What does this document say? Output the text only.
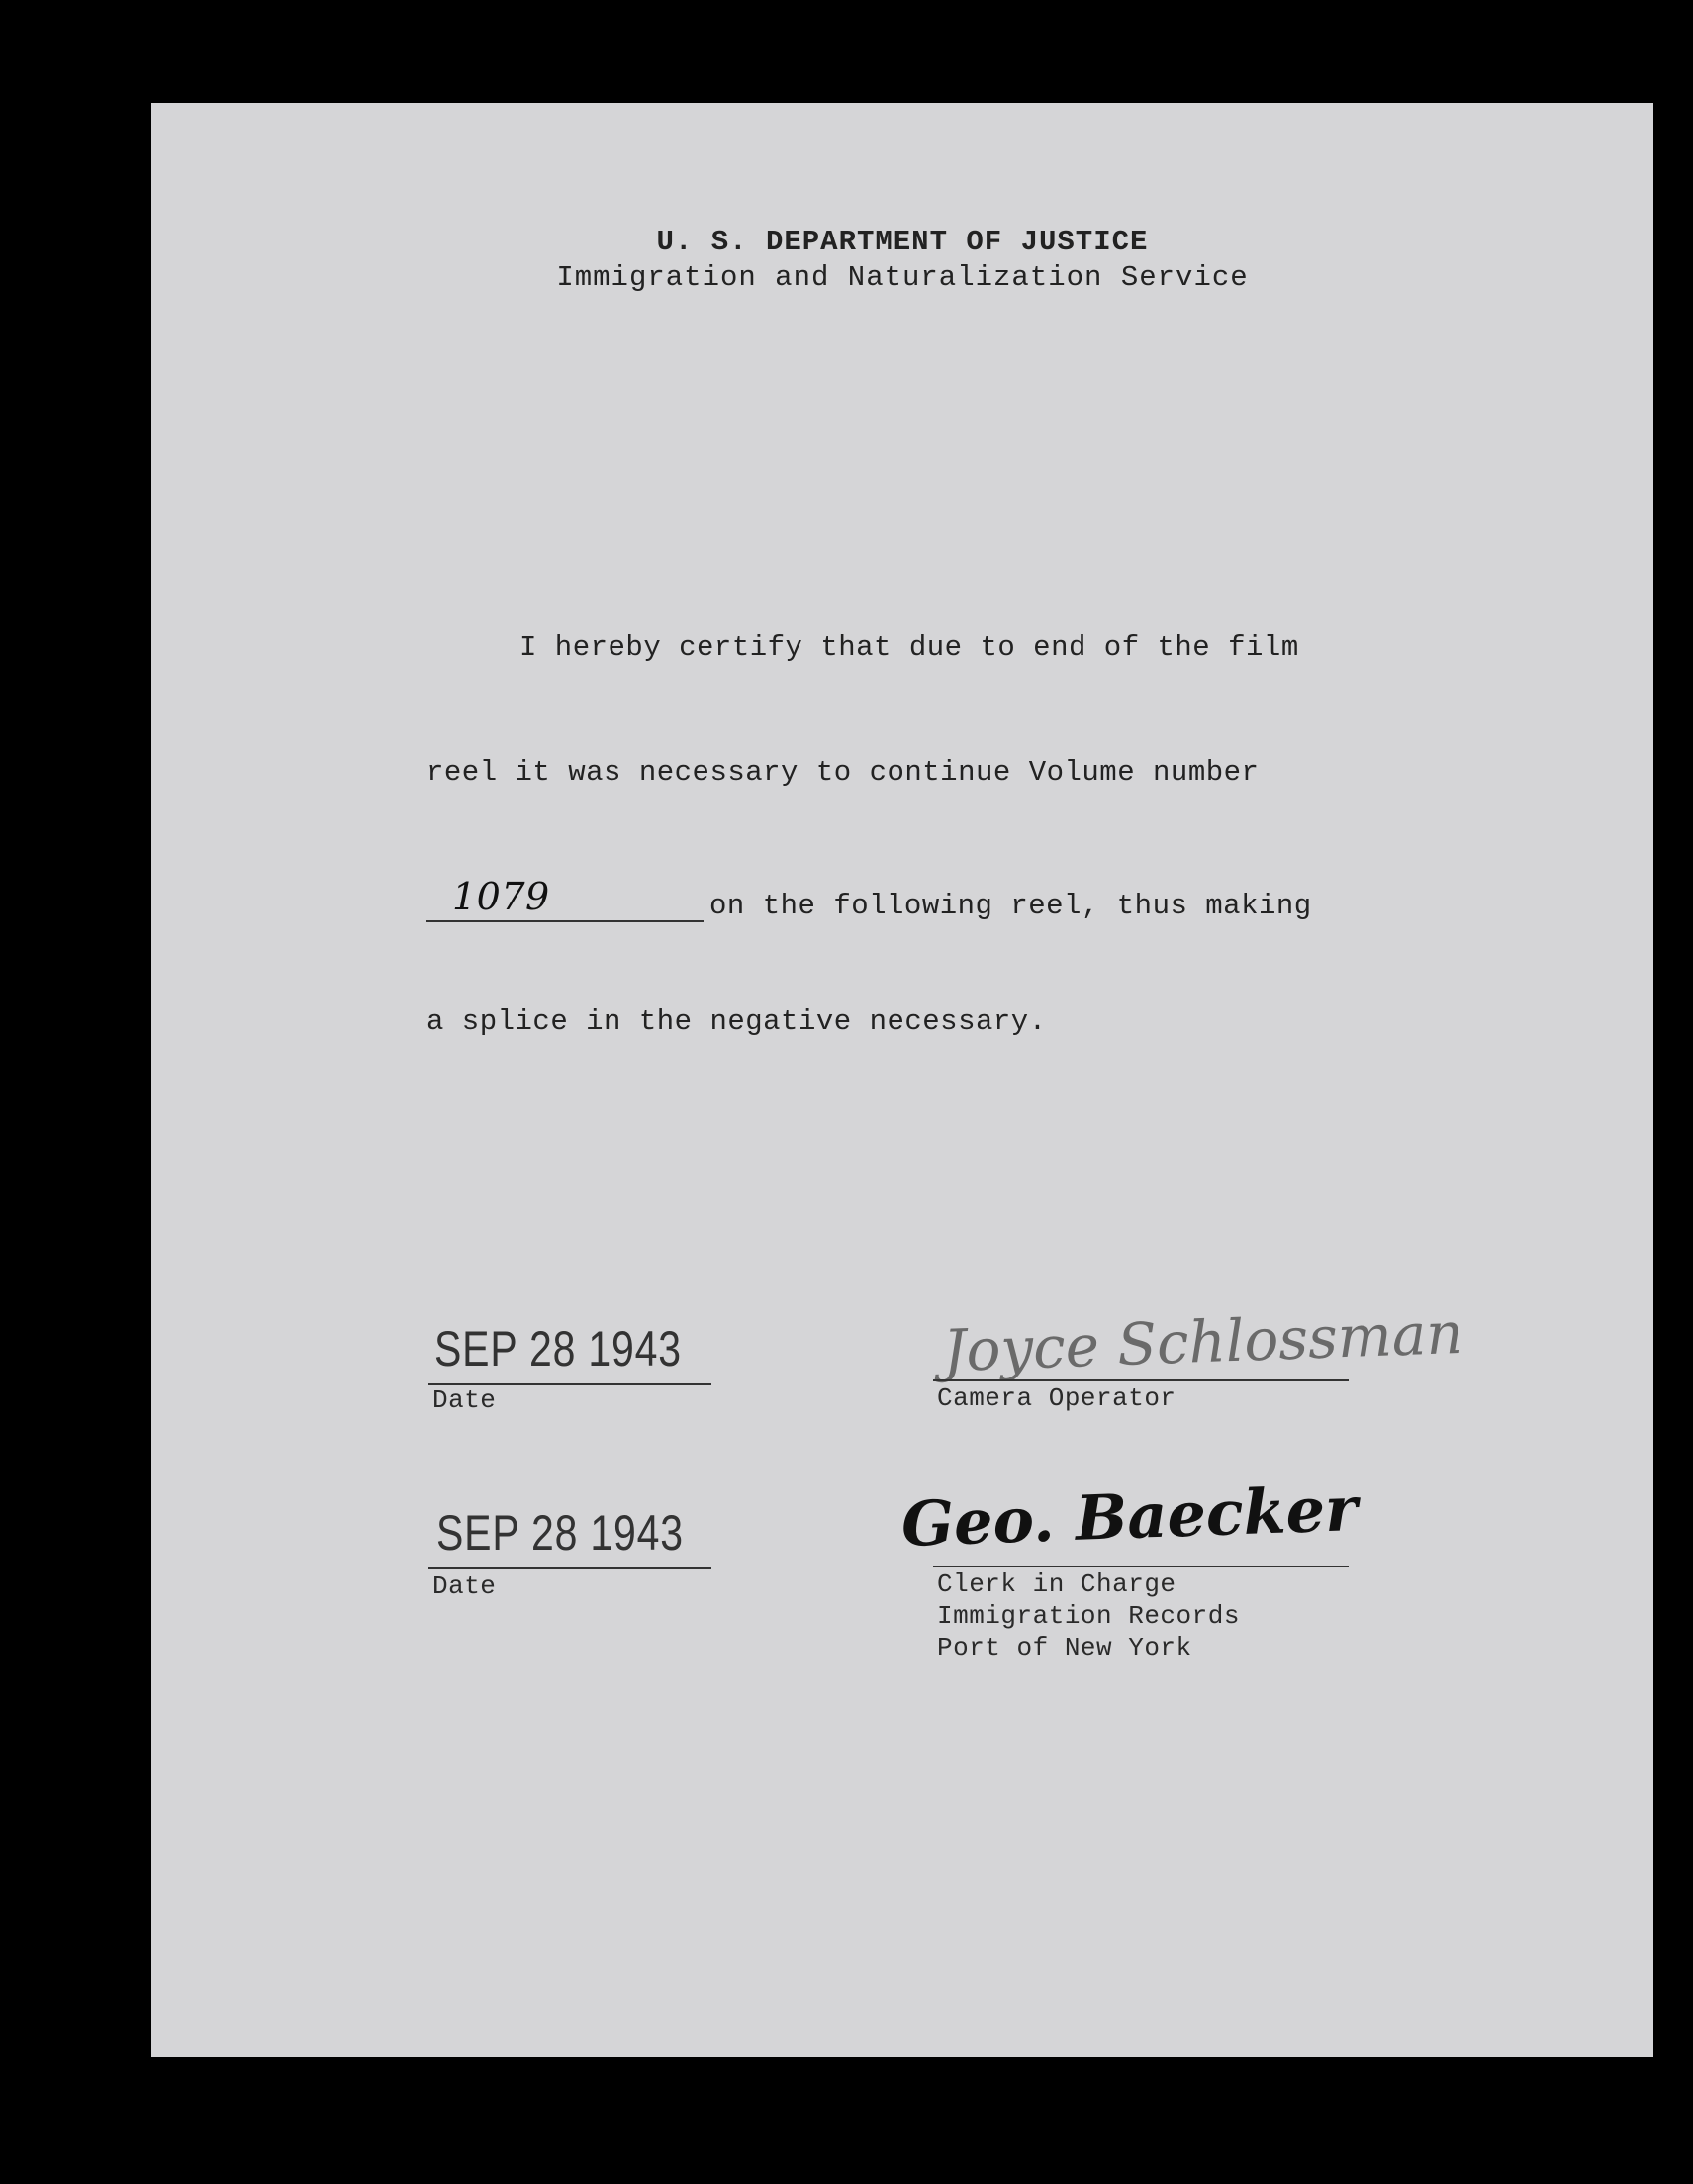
U. S. DEPARTMENT OF JUSTICE
Immigration and Naturalization Service
I hereby certify that due to end of the film
reel it was necessary to continue Volume number
1079	on the following reel, thus making
a splice in the negative necessary.
SEP 28 1943
Date
Joyce Schlossman
Camera Operator
SEP 28 1943
Date
Geo. Baecker
Clerk in Charge
Immigration Records
Port of New York
